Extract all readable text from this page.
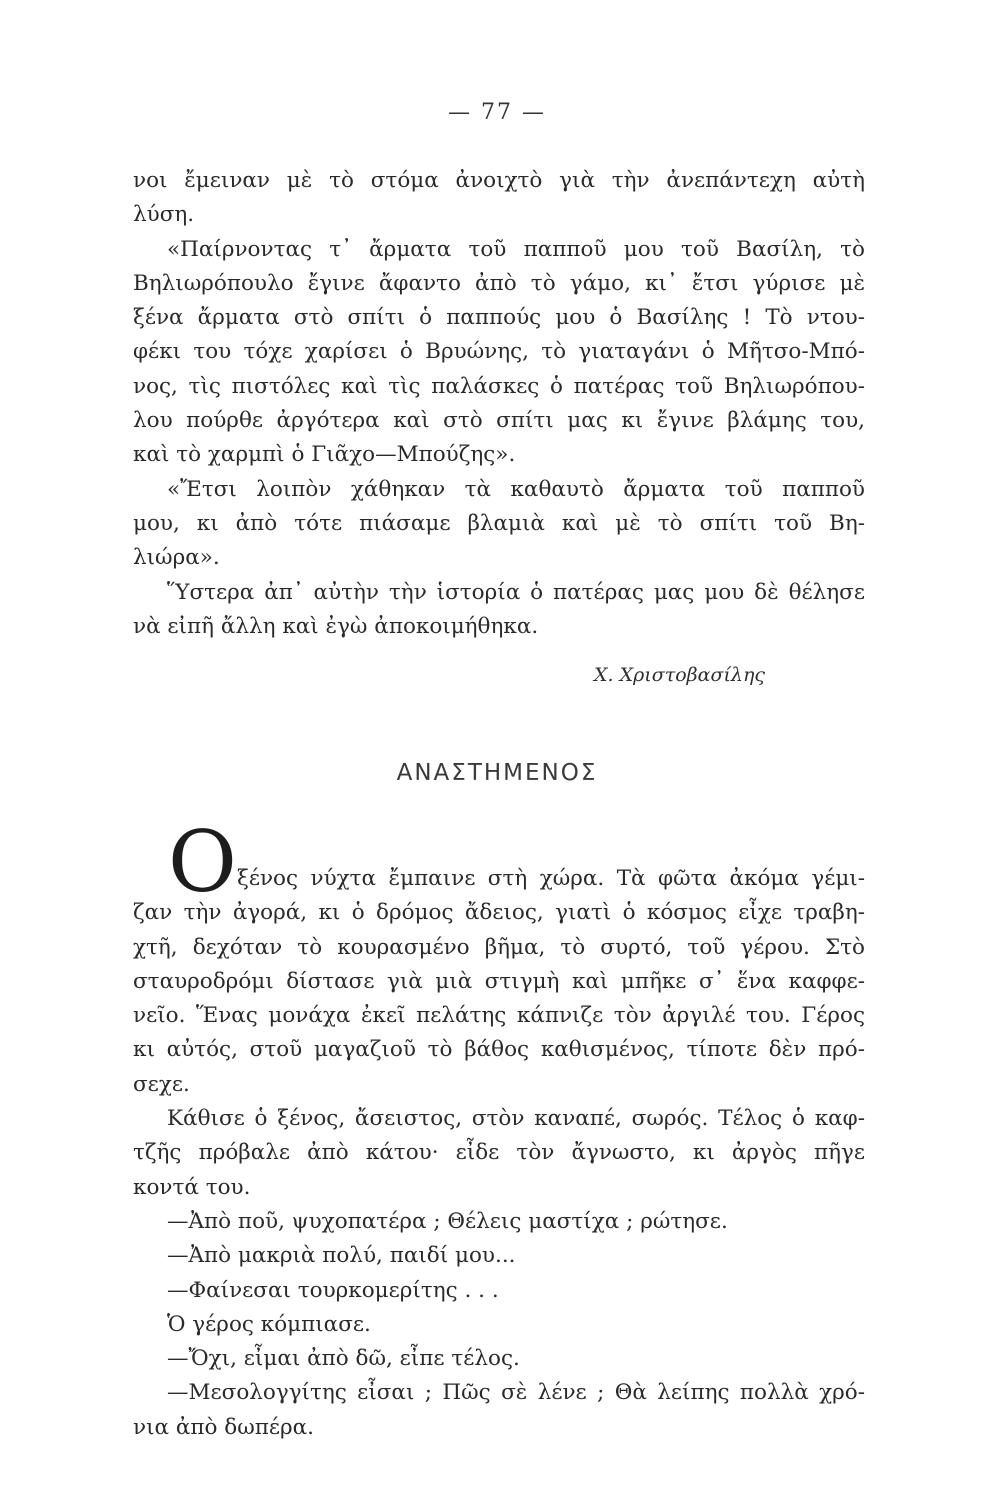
— 77 —
νοι ἔμειναν μὲ τὸ στόμα ἀνοιχτὸ γιὰ τὴν ἀνεπάντεχη αὐτὴ
λύση.
«Παίρνοντας τ᾽ ἄρματα τοῦ παπποῦ μου τοῦ Βασίλη, τὸ
Βηλιωρόπουλο ἔγινε ἄφαντο ἀπὸ τὸ γάμο, κι᾽ ἔτσι γύρισε μὲ
ξένα ἄρματα στὸ σπίτι ὁ παππούς μου ὁ Βασίλης ! Τὸ ντου-
φέκι του τόχε χαρίσει ὁ Βρυώνης, τὸ γιαταγάνι ὁ Μῆτσο-Μπό-
νος, τὶς πιστόλες καὶ τὶς παλάσκες ὁ πατέρας τοῦ Βηλιωρόπου-
λου πούρθε ἀργότερα καὶ στὸ σπίτι μας κι ἔγινε βλάμης του,
καὶ τὸ χαρμπὶ ὁ Γιᾶχο—Μπούζης».
«Ἔτσι λοιπὸν χάθηκαν τὰ καθαυτὸ ἄρματα τοῦ παπποῦ
μου, κι ἀπὸ τότε πιάσαμε βλαμιὰ καὶ μὲ τὸ σπίτι τοῦ Βη-
λιώρα».
Ὕστερα ἀπ᾽ αὐτὴν τὴν ἱστορία ὁ πατέρας μας μου δὲ θέλησε
νὰ εἰπῆ ἄλλη καὶ ἐγὼ ἀποκοιμήθηκα.
Χ. Χριστοβασίλης
ΑΝΑΣΤΗΜΕΝΟΣ
Ο ξένος νύχτα ἔμπαινε στὴ χώρα. Τὰ φῶτα ἀκόμα γέμι-
ζαν τὴν ἀγορά, κι ὁ δρόμος ἄδειος, γιατὶ ὁ κόσμος εἶχε τραβη-
χτῆ, δεχόταν τὸ κουρασμένο βῆμα, τὸ συρτό, τοῦ γέρου. Στὸ
σταυροδρόμι δίστασε γιὰ μιὰ στιγμὴ καὶ μπῆκε σ᾽ ἕνα καφφε-
νεῖο. Ἕνας μονάχα ἐκεῖ πελάτης κάπνιζε τὸν ἀργιλέ του. Γέρος
κι αὐτός, στοῦ μαγαζιοῦ τὸ βάθος καθισμένος, τίποτε δὲν πρό-
σεχε.
Κάθισε ὁ ξένος, ἄσειστος, στὸν καναπέ, σωρός. Τέλος ὁ καφ-
τζῆς πρόβαλε ἀπὸ κάτου· εἶδε τὸν ἄγνωστο, κι ἀργὸς πῆγε
κοντά του.
—Ἀπὸ ποῦ, ψυχοπατέρα ; Θέλεις μαστίχα ; ρώτησε.
—Ἀπὸ μακριὰ πολύ, παιδί μου...
—Φαίνεσαι τουρκομερίτης . . .
Ὁ γέρος κόμπιασε.
—Ὄχι, εἶμαι ἀπὸ δῶ, εἶπε τέλος.
—Μεσολογγίτης εἶσαι ; Πῶς σὲ λένε ; Θὰ λείπης πολλὰ χρό-
νια ἀπὸ δωπέρα.
